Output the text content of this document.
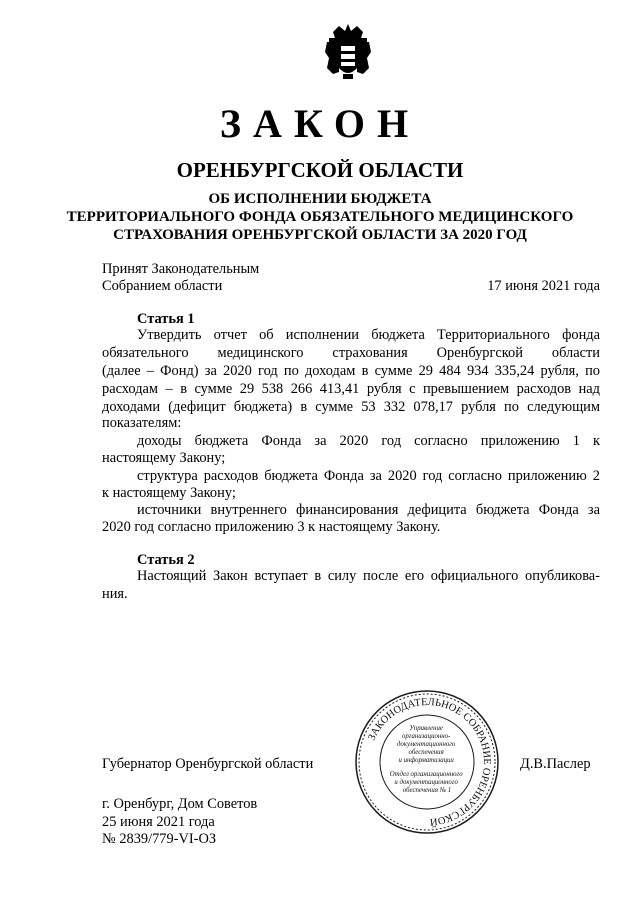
ЗАКОН
ОРЕНБУРГСКОЙ ОБЛАСТИ
ОБ ИСПОЛНЕНИИ БЮДЖЕТА
ТЕРРИТОРИАЛЬНОГО ФОНДА ОБЯЗАТЕЛЬНОГО МЕДИЦИНСКОГО
СТРАХОВАНИЯ ОРЕНБУРГСКОЙ ОБЛАСТИ ЗА 2020 ГОД
Принят Законодательным
Собранием области	17 июня 2021 года
Статья 1
Утвердить отчет об исполнении бюджета Территориального фонда
обязательного медицинского страхования Оренбургской области
(далее – Фонд) за 2020 год по доходам в сумме 29 484 934 335,24 рубля, по
расходам – в сумме 29 538 266 413,41 рубля с превышением расходов над
доходами (дефицит бюджета) в сумме 53 332 078,17 рубля по следующим
показателям:
доходы бюджета Фонда за 2020 год согласно приложению 1 к
настоящему Закону;
структура расходов бюджета Фонда за 2020 год согласно приложению 2
к настоящему Закону;
источники внутреннего финансирования дефицита бюджета Фонда за
2020 год согласно приложению 3 к настоящему Закону.
Статья 2
Настоящий Закон вступает в силу после его официального опубликова-
ния.
Губернатор Оренбургской области	Д.В.Паслер
ЗАКОНОДАТЕЛЬНОЕ СОБРАНИЕ ОРЕНБУРГСКОЙ
Управление организационно- документационного обеспечения и информатизации Отдел организационного и документационного обеспечения № 1
г. Оренбург, Дом Советов
25 июня 2021 года
№ 2839/779-VI-ОЗ
